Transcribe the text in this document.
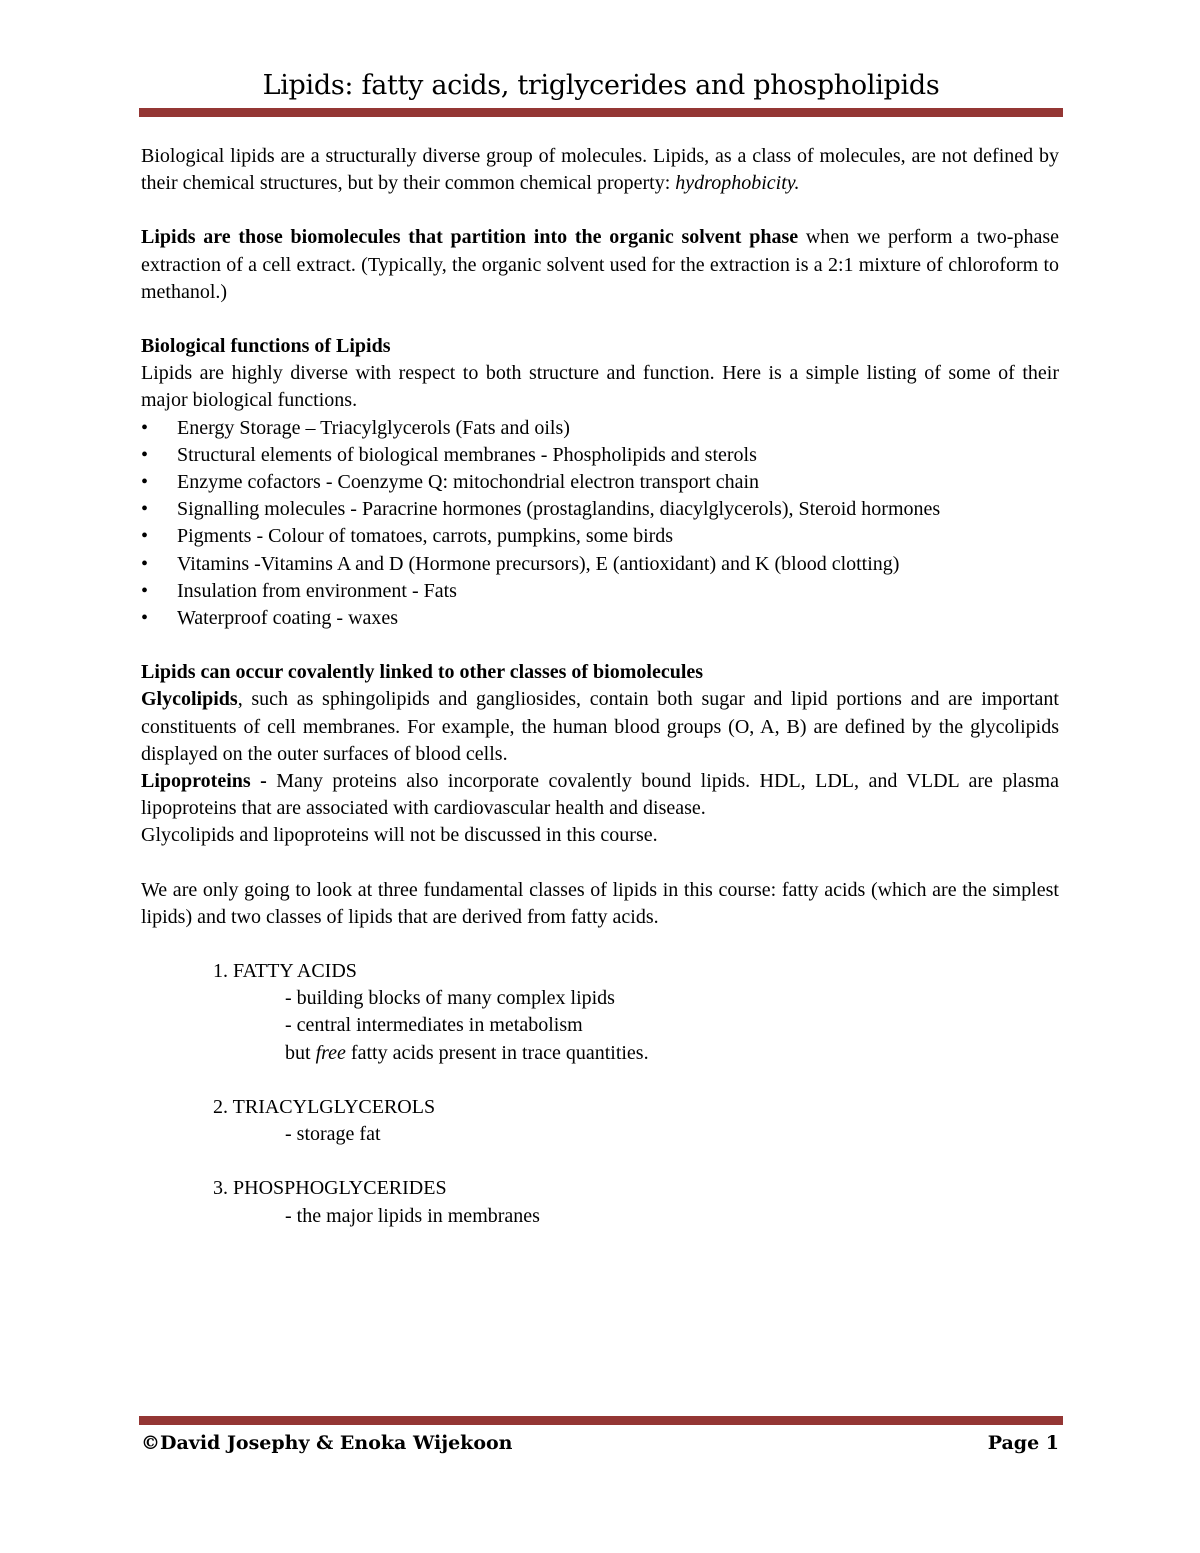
Lipids: fatty acids, triglycerides and phospholipids

Biological lipids are a structurally diverse group of molecules. Lipids, as a class of molecules, are not defined by their chemical structures, but by their common chemical property: hydrophobicity.

Lipids are those biomolecules that partition into the organic solvent phase when we perform a two-phase extraction of a cell extract. (Typically, the organic solvent used for the extraction is a 2:1 mixture of chloroform to methanol.)

Biological functions of Lipids

Lipids are highly diverse with respect to both structure and function. Here is a simple listing of some of their major biological functions.

• Energy Storage – Triacylglycerols (Fats and oils)
• Structural elements of biological membranes - Phospholipids and sterols
• Enzyme cofactors - Coenzyme Q: mitochondrial electron transport chain
• Signalling molecules - Paracrine hormones (prostaglandins, diacylglycerols), Steroid hormones
• Pigments - Colour of tomatoes, carrots, pumpkins, some birds
• Vitamins -Vitamins A and D (Hormone precursors), E (antioxidant) and K (blood clotting)
• Insulation from environment - Fats
• Waterproof coating - waxes

Lipids can occur covalently linked to other classes of biomolecules

Glycolipids, such as sphingolipids and gangliosides, contain both sugar and lipid portions and are important constituents of cell membranes. For example, the human blood groups (O, A, B) are defined by the glycolipids displayed on the outer surfaces of blood cells.

Lipoproteins - Many proteins also incorporate covalently bound lipids. HDL, LDL, and VLDL are plasma lipoproteins that are associated with cardiovascular health and disease.

Glycolipids and lipoproteins will not be discussed in this course.

We are only going to look at three fundamental classes of lipids in this course: fatty acids (which are the simplest lipids) and two classes of lipids that are derived from fatty acids.

1. FATTY ACIDS
- building blocks of many complex lipids
- central intermediates in metabolism
but free fatty acids present in trace quantities.
2. TRIACYLGLYCEROLS
- storage fat
3. PHOSPHOGLYCERIDES
- the major lipids in membranes
©David Josephy & Enoka Wijekoon	Page 1
